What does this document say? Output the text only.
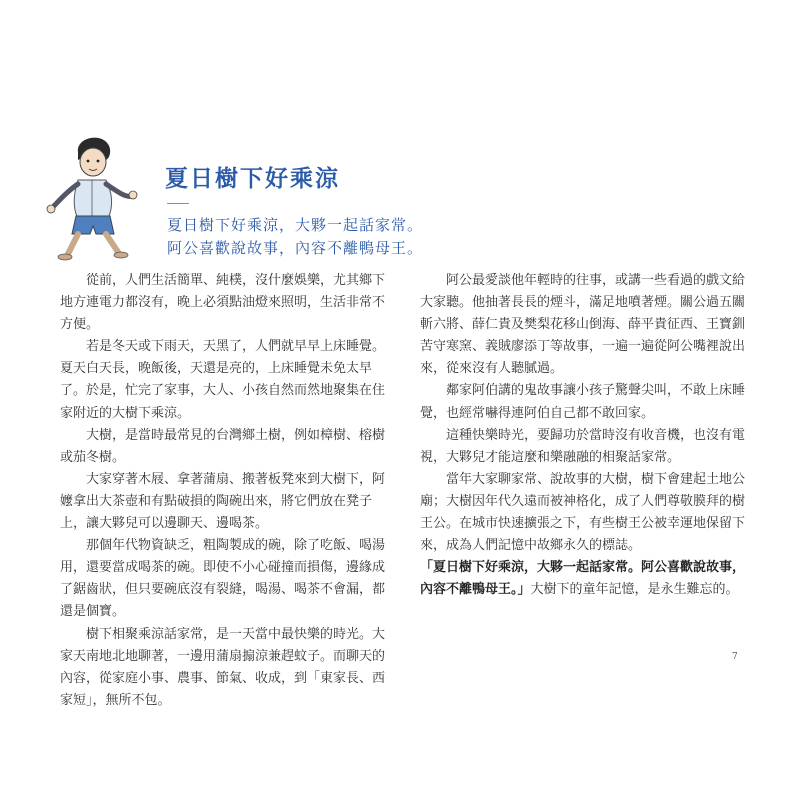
夏日樹下好乘涼
夏日樹下好乘涼，大夥一起話家常。
阿公喜歡說故事，內容不離鴨母王。

從前，人們生活簡單、純樸，沒什麼娛樂，尤其鄉下地方連電力都沒有，晚上必須點油燈來照明，生活非常不方便。

若是冬天或下雨天，天黑了，人們就早早上床睡覺。夏天白天長，晚飯後，天還是亮的，上床睡覺未免太早了。於是，忙完了家事，大人、小孩自然而然地聚集在住家附近的大樹下乘涼。

大樹，是當時最常見的台灣鄉土樹，例如樟樹、榕樹或茄冬樹。

大家穿著木屐、拿著蒲扇、搬著板凳來到大樹下，阿嬤拿出大茶壺和有點破損的陶碗出來，將它們放在凳子上，讓大夥兒可以邊聊天、邊喝茶。

那個年代物資缺乏，粗陶製成的碗，除了吃飯、喝湯用，還要當成喝茶的碗。即使不小心碰撞而損傷，邊緣成了鋸齒狀，但只要碗底沒有裂縫，喝湯、喝茶不會漏，都還是個寶。

樹下相聚乘涼話家常，是一天當中最快樂的時光。大家天南地北地聊著，一邊用蒲扇搧涼兼趕蚊子。而聊天的內容，從家庭小事、農事、節氣、收成，到「東家長、西家短」，無所不包。

阿公最愛談他年輕時的往事，或講一些看過的戲文給大家聽。他抽著長長的煙斗，滿足地噴著煙。關公過五關斬六將、薛仁貴及樊梨花移山倒海、薛平貴征西、王寶釧苦守寒窯、義賊廖添丁等故事，一遍一遍從阿公嘴裡說出來，從來沒有人聽膩過。

鄰家阿伯講的鬼故事讓小孩子驚聲尖叫，不敢上床睡覺，也經常嚇得連阿伯自己都不敢回家。

這種快樂時光，要歸功於當時沒有收音機，也沒有電視，大夥兒才能這麼和樂融融的相聚話家常。

當年大家聊家常、說故事的大樹，樹下會建起土地公廟；大樹因年代久遠而被神格化，成了人們尊敬膜拜的樹王公。在城市快速擴張之下，有些樹王公被幸運地保留下來，成為人們記憶中故鄉永久的標誌。

「夏日樹下好乘涼，大夥一起話家常。阿公喜歡說故事，內容不離鴨母王。」大樹下的童年記憶，是永生難忘的。

7
